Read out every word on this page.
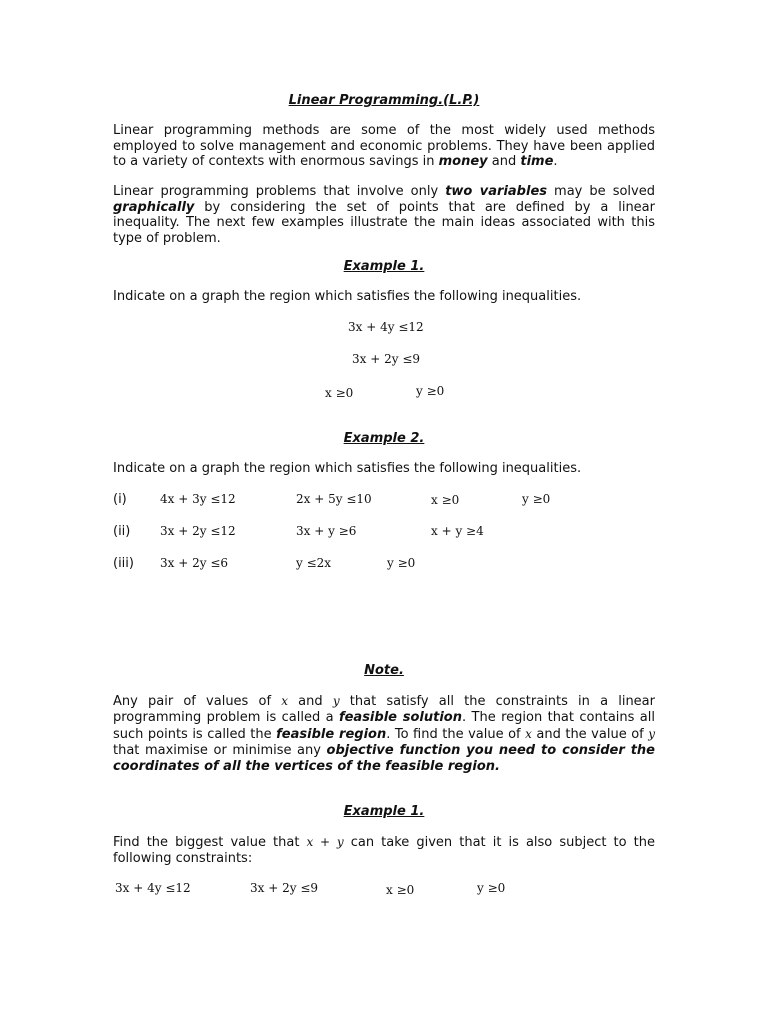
Linear Programming.(L.P.)
Linear programming methods are some of the most widely used methods employed to solve management and economic problems. They have been applied to a variety of contexts with enormous savings in money and time.
Linear programming problems that involve only two variables may be solved graphically by considering the set of points that are defined by a linear inequality. The next few examples illustrate the main ideas associated with this type of problem.
Example 1.
Indicate on a graph the region which satisfies the following inequalities.
3x + 4y ≤12
3x + 2y ≤9
x ≥0	y ≥0
Example 2.
Indicate on a graph the region which satisfies the following inequalities.
(i)	4x + 3y ≤12	2x + 5y ≤10	x ≥0	y ≥0
(ii) 3x + 2y ≤12	3x + y ≥6	x + y ≥4
(iii) 3x + 2y ≤6	y ≤2x	y ≥0
Note.
Any pair of values of x and y that satisfy all the constraints in a linear programming problem is called a feasible solution. The region that contains all such points is called the feasible region. To find the value of x and the value of y that maximise or minimise any objective function you need to consider the coordinates of all the vertices of the feasible region.
Example 1.
Find the biggest value that x + y can take given that it is also subject to the following constraints:
3x + 4y ≤12	3x + 2y ≤9	x ≥0	y ≥0
